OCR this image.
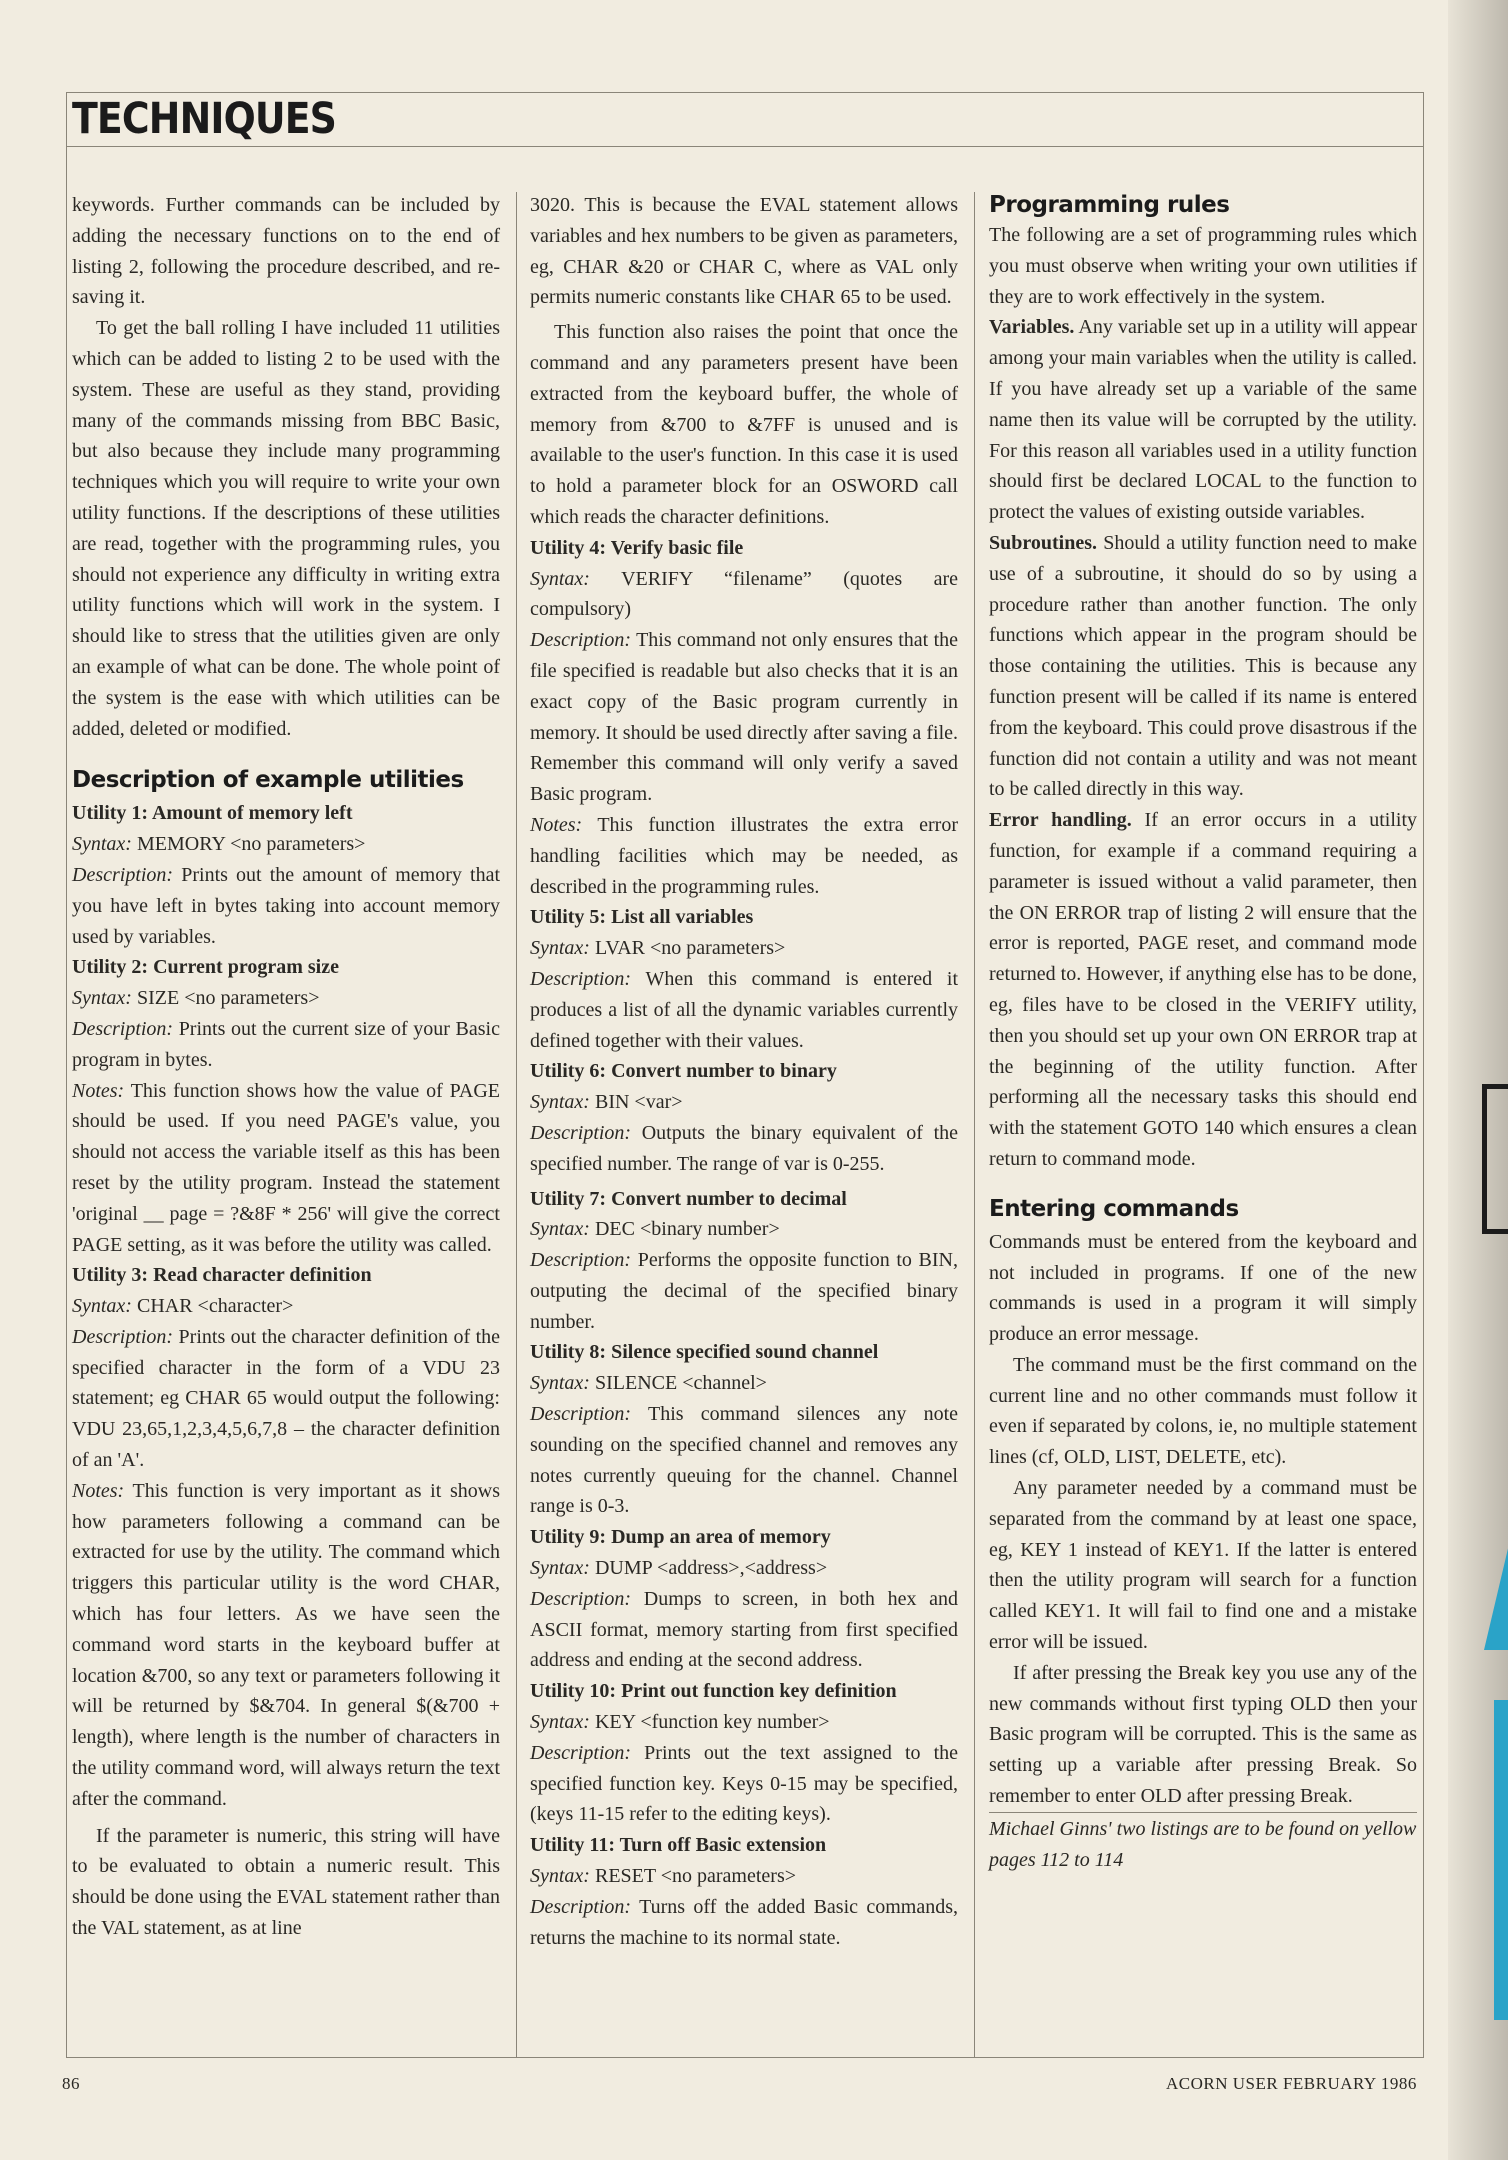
TECHNIQUES

keywords. Further commands can be included by adding the necessary functions on to the end of listing 2, following the procedure described, and re-saving it.

To get the ball rolling I have included 11 utilities which can be added to listing 2 to be used with the system. These are useful as they stand, providing many of the commands missing from BBC Basic, but also because they include many programming techniques which you will require to write your own utility functions. If the descriptions of these utilities are read, together with the programming rules, you should not experience any difficulty in writing extra utility functions which will work in the system. I should like to stress that the utilities given are only an example of what can be done. The whole point of the system is the ease with which utilities can be added, deleted or modified.

Description of example utilities
Utility 1: Amount of memory left

Syntax: MEMORY <no parameters>

Description: Prints out the amount of memory that you have left in bytes taking into account memory used by variables.

Utility 2: Current program size

Syntax: SIZE <no parameters>

Description: Prints out the current size of your Basic program in bytes.

Notes: This function shows how the value of PAGE should be used. If you need PAGE's value, you should not access the variable itself as this has been reset by the utility program. Instead the statement 'original __ page = ?&8F * 256' will give the correct PAGE setting, as it was before the utility was called.

Utility 3: Read character definition

Syntax: CHAR <character>

Description: Prints out the character definition of the specified character in the form of a VDU 23 statement; eg CHAR 65 would output the following: VDU 23,65,1,2,3,4,5,6,7,8 – the character definition of an 'A'.

Notes: This function is very important as it shows how parameters following a command can be extracted for use by the utility. The command which triggers this particular utility is the word CHAR, which has four letters. As we have seen the command word starts in the keyboard buffer at location &700, so any text or parameters following it will be returned by $&704. In general $(&700 + length), where length is the number of characters in the utility command word, will always return the text after the command.

If the parameter is numeric, this string will have to be evaluated to obtain a numeric result. This should be done using the EVAL statement rather than the VAL statement, as at line

3020. This is because the EVAL statement allows variables and hex numbers to be given as parameters, eg, CHAR &20 or CHAR C, where as VAL only permits numeric constants like CHAR 65 to be used.

This function also raises the point that once the command and any parameters present have been extracted from the keyboard buffer, the whole of memory from &700 to &7FF is unused and is available to the user's function. In this case it is used to hold a parameter block for an OSWORD call which reads the character definitions.

Utility 4: Verify basic file

Syntax: VERIFY “filename” (quotes are compulsory)

Description: This command not only ensures that the file specified is readable but also checks that it is an exact copy of the Basic program currently in memory. It should be used directly after saving a file. Remember this command will only verify a saved Basic program.

Notes: This function illustrates the extra error handling facilities which may be needed, as described in the programming rules.

Utility 5: List all variables

Syntax: LVAR <no parameters>

Description: When this command is entered it produces a list of all the dynamic variables currently defined together with their values.

Utility 6: Convert number to binary

Syntax: BIN <var>

Description: Outputs the binary equivalent of the specified number. The range of var is 0-255.

Utility 7: Convert number to decimal

Syntax: DEC <binary number>

Description: Performs the opposite function to BIN, outputing the decimal of the specified binary number.

Utility 8: Silence specified sound channel

Syntax: SILENCE <channel>

Description: This command silences any note sounding on the specified channel and removes any notes currently queuing for the channel. Channel range is 0-3.

Utility 9: Dump an area of memory

Syntax: DUMP <address>,<address>

Description: Dumps to screen, in both hex and ASCII format, memory starting from first specified address and ending at the second address.

Utility 10: Print out function key definition

Syntax: KEY <function key number>

Description: Prints out the text assigned to the specified function key. Keys 0-15 may be specified, (keys 11-15 refer to the editing keys).

Utility 11: Turn off Basic extension

Syntax: RESET <no parameters>

Description: Turns off the added Basic commands, returns the machine to its normal state.

Programming rules

The following are a set of programming rules which you must observe when writing your own utilities if they are to work effectively in the system.

Variables. Any variable set up in a utility will appear among your main variables when the utility is called. If you have already set up a variable of the same name then its value will be corrupted by the utility. For this reason all variables used in a utility function should first be declared LOCAL to the function to protect the values of existing outside variables.

Subroutines. Should a utility function need to make use of a subroutine, it should do so by using a procedure rather than another function. The only functions which appear in the program should be those containing the utilities. This is because any function present will be called if its name is entered from the keyboard. This could prove disastrous if the function did not contain a utility and was not meant to be called directly in this way.

Error handling. If an error occurs in a utility function, for example if a command requiring a parameter is issued without a valid parameter, then the ON ERROR trap of listing 2 will ensure that the error is reported, PAGE reset, and command mode returned to. However, if anything else has to be done, eg, files have to be closed in the VERIFY utility, then you should set up your own ON ERROR trap at the beginning of the utility function. After performing all the necessary tasks this should end with the statement GOTO 140 which ensures a clean return to command mode.

Entering commands

Commands must be entered from the keyboard and not included in programs. If one of the new commands is used in a program it will simply produce an error message.

The command must be the first command on the current line and no other commands must follow it even if separated by colons, ie, no multiple statement lines (cf, OLD, LIST, DELETE, etc).

Any parameter needed by a command must be separated from the command by at least one space, eg, KEY 1 instead of KEY1. If the latter is entered then the utility program will search for a function called KEY1. It will fail to find one and a mistake error will be issued.

If after pressing the Break key you use any of the new commands without first typing OLD then your Basic program will be corrupted. This is the same as setting up a variable after pressing Break. So remember to enter OLD after pressing Break.

Michael Ginns' two listings are to be found on yellow pages 112 to 114

86	ACORN USER FEBRUARY 1986
